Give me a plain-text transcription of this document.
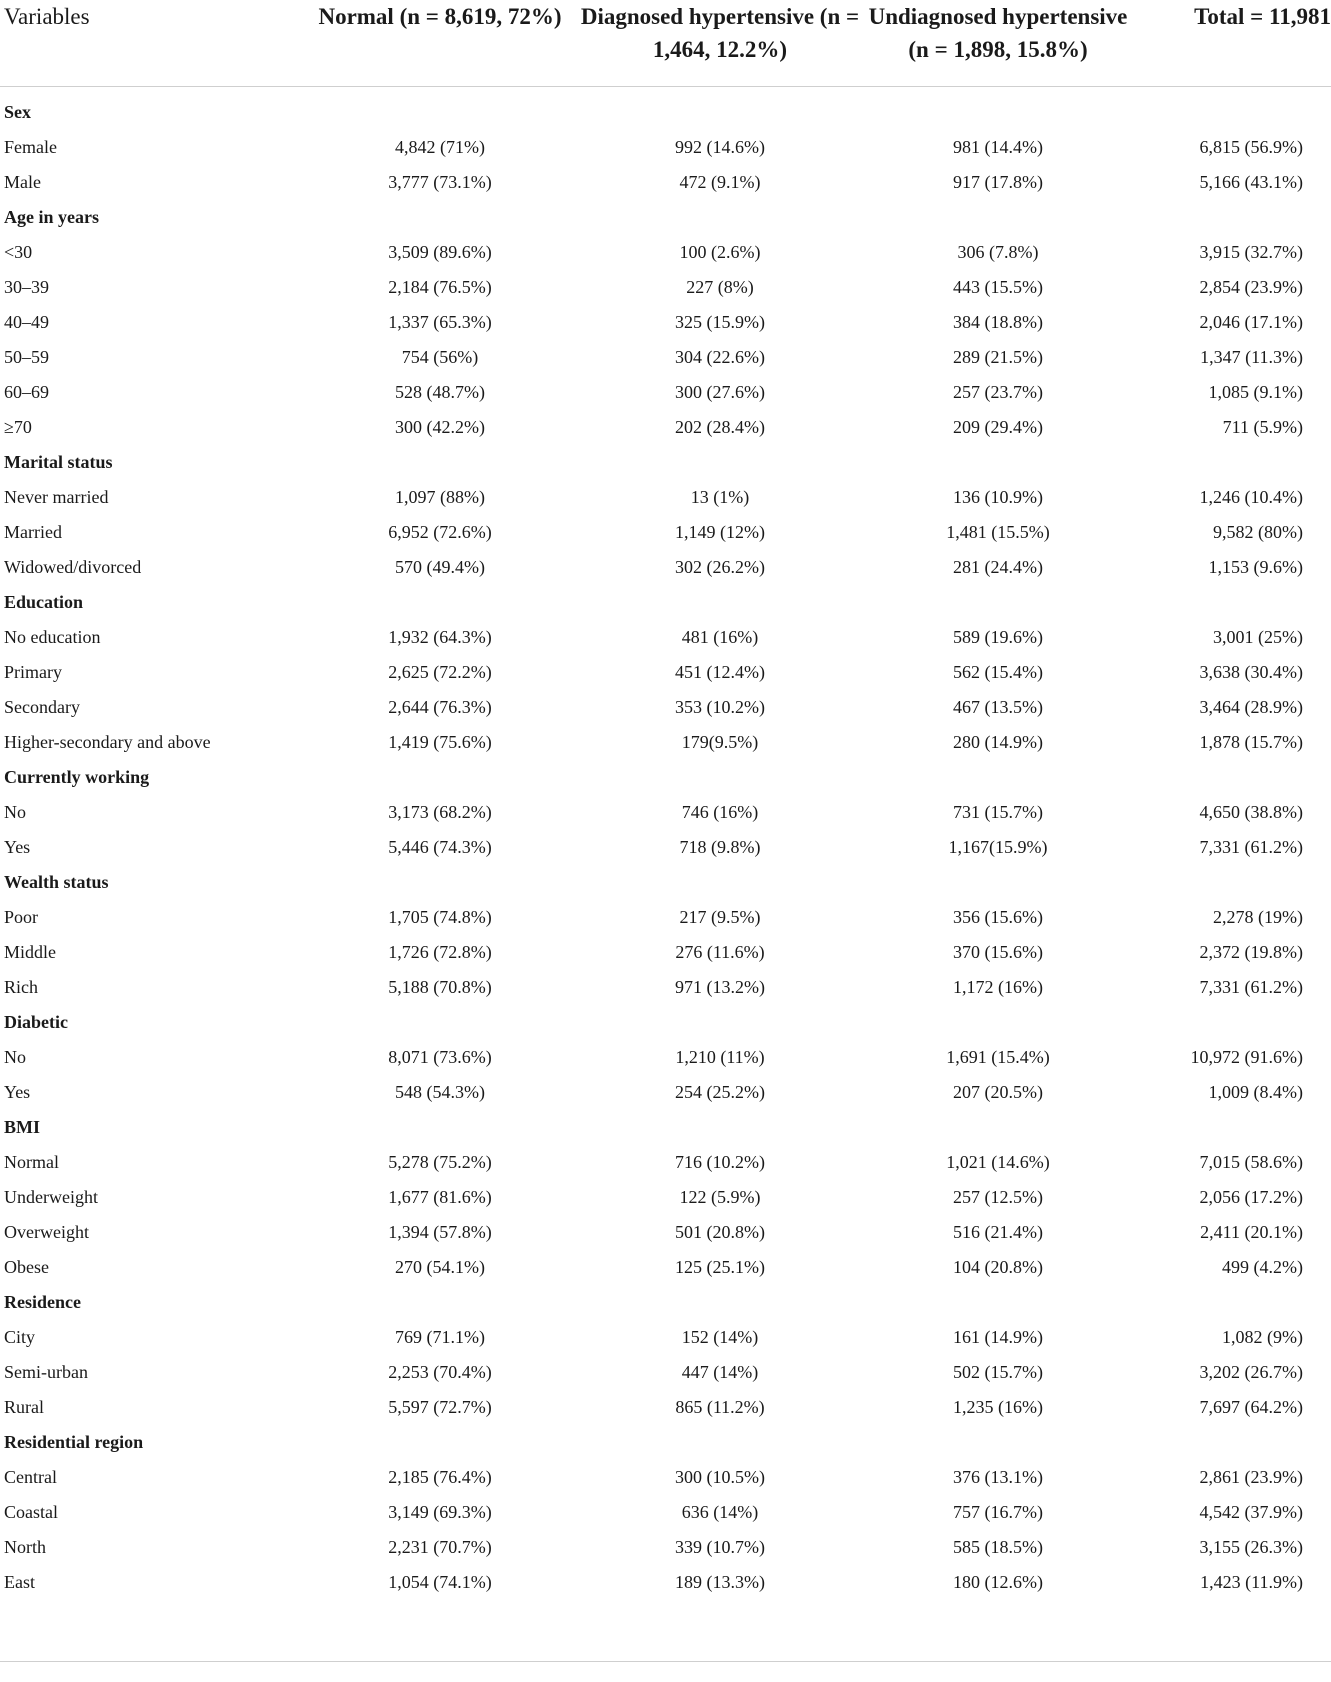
Variables	Normal (n = 8,619, 72%)	Diagnosed hypertensive (n = 1,464, 12.2%)	Undiagnosed hypertensive (n = 1,898, 15.8%)	Total = 11,981
Sex				
Female	4,842 (71%)	992 (14.6%)	981 (14.4%)	6,815 (56.9%)
Male	3,777 (73.1%)	472 (9.1%)	917 (17.8%)	5,166 (43.1%)
Age in years				
<30	3,509 (89.6%)	100 (2.6%)	306 (7.8%)	3,915 (32.7%)
30–39	2,184 (76.5%)	227 (8%)	443 (15.5%)	2,854 (23.9%)
40–49	1,337 (65.3%)	325 (15.9%)	384 (18.8%)	2,046 (17.1%)
50–59	754 (56%)	304 (22.6%)	289 (21.5%)	1,347 (11.3%)
60–69	528 (48.7%)	300 (27.6%)	257 (23.7%)	1,085 (9.1%)
≥70	300 (42.2%)	202 (28.4%)	209 (29.4%)	711 (5.9%)
Marital status				
Never married	1,097 (88%)	13 (1%)	136 (10.9%)	1,246 (10.4%)
Married	6,952 (72.6%)	1,149 (12%)	1,481 (15.5%)	9,582 (80%)
Widowed/divorced	570 (49.4%)	302 (26.2%)	281 (24.4%)	1,153 (9.6%)
Education				
No education	1,932 (64.3%)	481 (16%)	589 (19.6%)	3,001 (25%)
Primary	2,625 (72.2%)	451 (12.4%)	562 (15.4%)	3,638 (30.4%)
Secondary	2,644 (76.3%)	353 (10.2%)	467 (13.5%)	3,464 (28.9%)
Higher-secondary and above	1,419 (75.6%)	179(9.5%)	280 (14.9%)	1,878 (15.7%)
Currently working				
No	3,173 (68.2%)	746 (16%)	731 (15.7%)	4,650 (38.8%)
Yes	5,446 (74.3%)	718 (9.8%)	1,167(15.9%)	7,331 (61.2%)
Wealth status				
Poor	1,705 (74.8%)	217 (9.5%)	356 (15.6%)	2,278 (19%)
Middle	1,726 (72.8%)	276 (11.6%)	370 (15.6%)	2,372 (19.8%)
Rich	5,188 (70.8%)	971 (13.2%)	1,172 (16%)	7,331 (61.2%)
Diabetic				
No	8,071 (73.6%)	1,210 (11%)	1,691 (15.4%)	10,972 (91.6%)
Yes	548 (54.3%)	254 (25.2%)	207 (20.5%)	1,009 (8.4%)
BMI				
Normal	5,278 (75.2%)	716 (10.2%)	1,021 (14.6%)	7,015 (58.6%)
Underweight	1,677 (81.6%)	122 (5.9%)	257 (12.5%)	2,056 (17.2%)
Overweight	1,394 (57.8%)	501 (20.8%)	516 (21.4%)	2,411 (20.1%)
Obese	270 (54.1%)	125 (25.1%)	104 (20.8%)	499 (4.2%)
Residence				
City	769 (71.1%)	152 (14%)	161 (14.9%)	1,082 (9%)
Semi-urban	2,253 (70.4%)	447 (14%)	502 (15.7%)	3,202 (26.7%)
Rural	5,597 (72.7%)	865 (11.2%)	1,235 (16%)	7,697 (64.2%)
Residential region				
Central	2,185 (76.4%)	300 (10.5%)	376 (13.1%)	2,861 (23.9%)
Coastal	3,149 (69.3%)	636 (14%)	757 (16.7%)	4,542 (37.9%)
North	2,231 (70.7%)	339 (10.7%)	585 (18.5%)	3,155 (26.3%)
East	1,054 (74.1%)	189 (13.3%)	180 (12.6%)	1,423 (11.9%)
